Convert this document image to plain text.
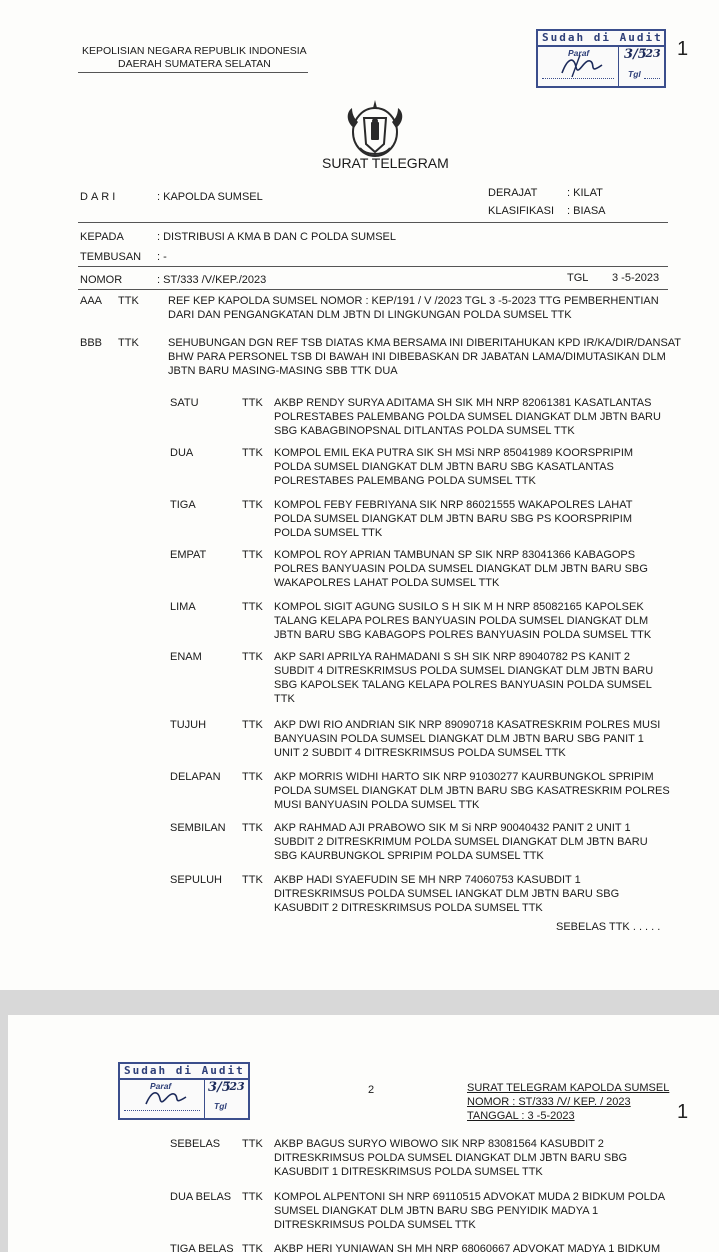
KEPOLISIAN NEGARA REPUBLIK INDONESIA
DAERAH SUMATERA SELATAN
Sudah di Audit
Paraf
Tgl
3/5
'23 1
SURAT TELEGRAM
DARI	: KAPOLDA SUMSEL	DERAJAT	: KILAT
KLASIFIKASI : BIASA
KEPADA	: DISTRIBUSI A KMA B DAN C POLDA SUMSEL
TEMBUSAN : -
NOMOR	: ST/333 /V/KEP./2023	TGL 3 -5-2023
AAA TTK	REF KEP KAPOLDA SUMSEL NOMOR : KEP/191 / V /2023 TGL 3 -5-2023 TTG PEMBERHENTIAN
DARI DAN PENGANGKATAN DLM JBTN DI LINGKUNGAN POLDA SUMSEL TTK
BBB TTK	SEHUBUNGAN DGN REF TSB DIATAS KMA BERSAMA INI DIBERITAHUKAN KPD IR/KA/DIR/DANSAT
BHW PARA PERSONEL TSB DI BAWAH INI DIBEBASKAN DR JABATAN LAMA/DIMUTASIKAN DLM
JBTN BARU MASING-MASING SBB TTK DUA
SATU	TTK AKBP RENDY SURYA ADITAMA SH SIK MH NRP 82061381 KASATLANTAS
POLRESTABES PALEMBANG POLDA SUMSEL DIANGKAT DLM JBTN BARU
SBG KABAGBINOPSNAL DITLANTAS POLDA SUMSEL TTK
DUA	TTK KOMPOL EMIL EKA PUTRA SIK SH MSi NRP 85041989 KOORSPRIPIM
POLDA SUMSEL DIANGKAT DLM JBTN BARU SBG KASATLANTAS
POLRESTABES PALEMBANG POLDA SUMSEL TTK
TIGA	TTK KOMPOL FEBY FEBRIYANA SIK NRP 86021555 WAKAPOLRES LAHAT
POLDA SUMSEL DIANGKAT DLM JBTN BARU SBG PS KOORSPRIPIM
POLDA SUMSEL TTK
EMPAT	TTK KOMPOL ROY APRIAN TAMBUNAN SP SIK NRP 83041366 KABAGOPS
POLRES BANYUASIN POLDA SUMSEL DIANGKAT DLM JBTN BARU SBG
WAKAPOLRES LAHAT POLDA SUMSEL TTK
LIMA	TTK KOMPOL SIGIT AGUNG SUSILO S H SIK M H NRP 85082165 KAPOLSEK
TALANG KELAPA POLRES BANYUASIN POLDA SUMSEL DIANGKAT DLM
JBTN BARU SBG KABAGOPS POLRES BANYUASIN POLDA SUMSEL TTK
ENAM	TTK AKP SARI APRILYA RAHMADANI S SH SIK NRP 89040782 PS KANIT 2
SUBDIT 4 DITRESKRIMSUS POLDA SUMSEL DIANGKAT DLM JBTN BARU
SBG KAPOLSEK TALANG KELAPA POLRES BANYUASIN POLDA SUMSEL
TTK
TUJUH	TTK AKP DWI RIO ANDRIAN SIK NRP 89090718 KASATRESKRIM POLRES MUSI
BANYUASIN POLDA SUMSEL DIANGKAT DLM JBTN BARU SBG PANIT 1
UNIT 2 SUBDIT 4 DITRESKRIMSUS POLDA SUMSEL TTK
DELAPAN TTK AKP MORRIS WIDHI HARTO SIK NRP 91030277 KAURBUNGKOL SPRIPIM
POLDA SUMSEL DIANGKAT DLM JBTN BARU SBG KASATRESKRIM POLRES
MUSI BANYUASIN POLDA SUMSEL TTK
SEMBILAN TTK AKP RAHMAD AJI PRABOWO SIK M Si NRP 90040432 PANIT 2 UNIT 1
SUBDIT 2 DITRESKRIMUM POLDA SUMSEL DIANGKAT DLM JBTN BARU
SBG KAURBUNGKOL SPRIPIM POLDA SUMSEL TTK
SEPULUH TTK AKBP HADI SYAEFUDIN SE MH NRP 74060753 KASUBDIT 1
DITRESKRIMSUS POLDA SUMSEL IANGKAT DLM JBTN BARU SBG
KASUBDIT 2 DITRESKRIMSUS POLDA SUMSEL TTK
SEBELAS TTK . . . . .
Sudah di Audit
Paraf
Tgl
3/5
'23	2	SURAT TELEGRAM KAPOLDA SUMSEL
NOMOR : ST/333 /V/ KEP. / 2023
TANGGAL : 3 -5-2023	1
SEBELAS TTK AKBP BAGUS SURYO WIBOWO SIK NRP 83081564 KASUBDIT 2
DITRESKRIMSUS POLDA SUMSEL DIANGKAT DLM JBTN BARU SBG
KASUBDIT 1 DITRESKRIMSUS POLDA SUMSEL TTK
DUA BELAS TTK KOMPOL ALPENTONI SH NRP 69110515 ADVOKAT MUDA 2 BIDKUM POLDA
SUMSEL DIANGKAT DLM JBTN BARU SBG PENYIDIK MADYA 1
DITRESKRIMSUS POLDA SUMSEL TTK
TIGA BELAS TTK AKBP HERI YUNIAWAN SH MH NRP 68060667 ADVOKAT MADYA 1 BIDKUM
